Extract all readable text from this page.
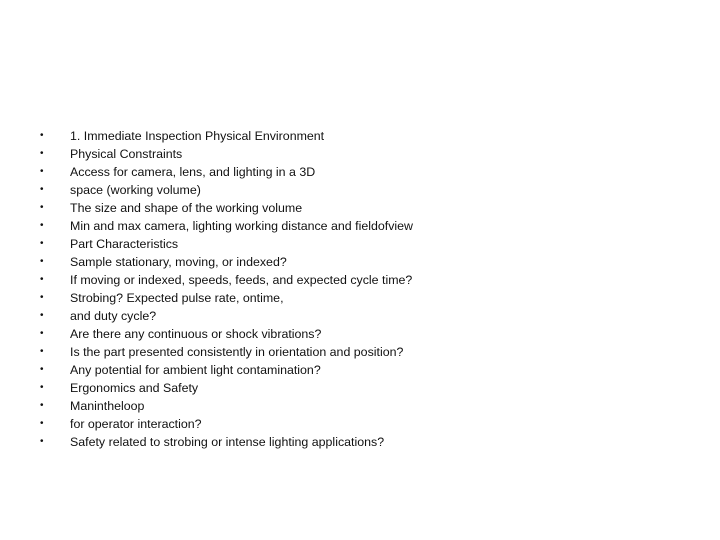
•	1. Immediate Inspection Physical Environment
•	Physical Constraints
•	Access for camera, lens, and lighting in a 3D
•	space (working volume)
•	The size and shape of the working volume
•	Min and max camera, lighting working distance and fieldofview
•	Part Characteristics
•	Sample stationary, moving, or indexed?
•	If moving or indexed, speeds, feeds, and expected cycle time?
•	Strobing? Expected pulse rate, ontime,
•	and duty cycle?
•	Are there any continuous or shock vibrations?
•	Is the part presented consistently in orientation and position?
•	Any potential for ambient light contamination?
•	Ergonomics and Safety
•	Manintheloop
•	for operator interaction?
•	Safety related to strobing or intense lighting applications?
